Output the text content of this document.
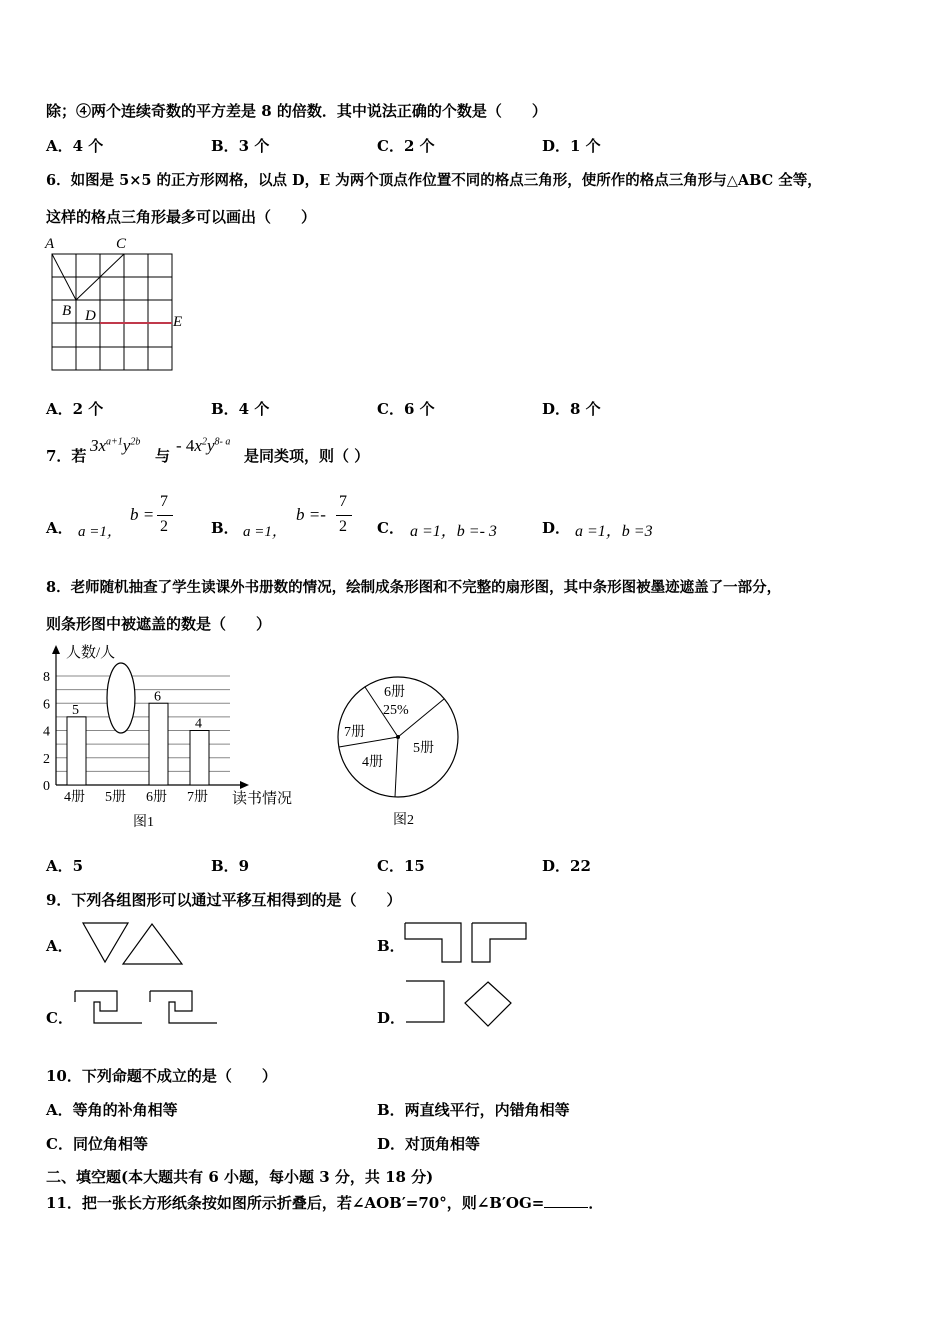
除；④两个连续奇数的平方差是 8 的倍数．其中说法正确的个数是（　　）
A．4 个	B．3 个	C．2 个	D．1 个
6．如图是 5×5 的正方形网格，以点 D，E 为两个顶点作位置不同的格点三角形，使所作的格点三角形与△ABC 全等，
这样的格点三角形最多可以画出（　　）
A	C
B D	E
A．2 个	B．4 个	C．6 个	D．8 个
7．若
$3x^{a+1}y^{2b}$
与
- $4x^2y^{8- a}$
是同类项，则（ ）
A． a =1，
b =
7
2	B． a =1，
b =-
7
2 C． a =1，b =- 3	D． a =1，b =3
8．老师随机抽查了学生读课外书册数的情况，绘制成条形图和不完整的扇形图，其中条形图被墨迹遮盖了一部分，
则条形图中被遮盖的数是（　　）
5
4册 5册
6
6册
4
7册
人数/人
读书情况
图1
0
2
4
6
8
6册
25%
5册
4册
7册
图2
A．5	B．9	C．15	D．22
9．下列各组图形可以通过平移互相得到的是（　　）
A．	B．
C．	D．
10．下列命题不成立的是（　　）
A．等角的补角相等	B．两直线平行，内错角相等
C．同位角相等	D．对顶角相等
二、填空题(本大题共有 6 小题，每小题 3 分，共 18 分)
11．把一张长方形纸条按如图所示折叠后，若∠AOB′=70°，则∠B′OG=	．
